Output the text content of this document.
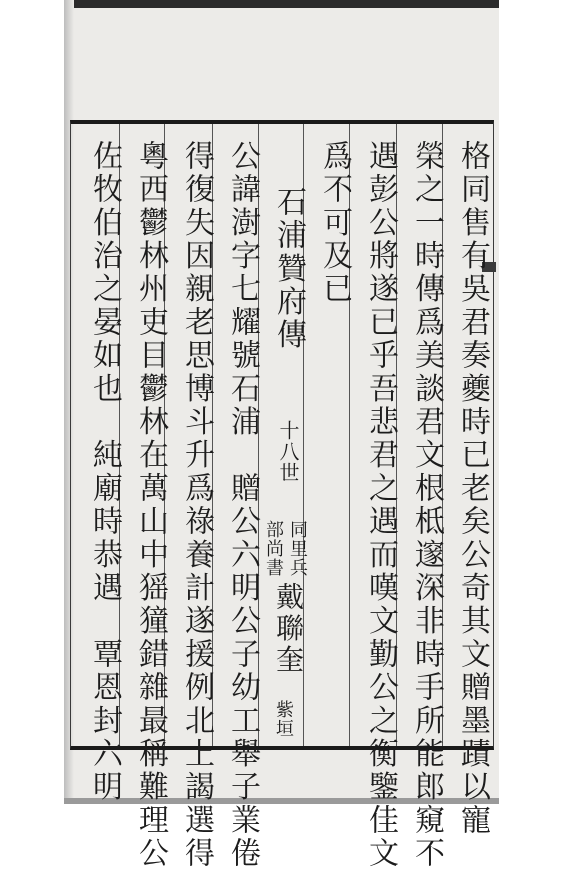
格同售有吳君奏夔時已老矣公奇其文贈墨蹟以寵
榮之一時傳爲美談君文根柢邃深非時手所能郎窺不
遇彭公將遂已乎吾悲君之遇而嘆文勤公之衡鑒佳文
爲不可及已
石浦贊府傳
十八世
同里兵
部尚書
戴聯奎
紫垣
公諱澍字七耀號石浦　贈公六明公子幼工舉子業倦
得復失因親老思博斗升爲祿養計遂援例北上謁選得
粵西鬱林州吏目鬱林在萬山中猺獞錯雜最稱難理公
佐牧伯治之晏如也　純廟時恭遇　覃恩封六明
